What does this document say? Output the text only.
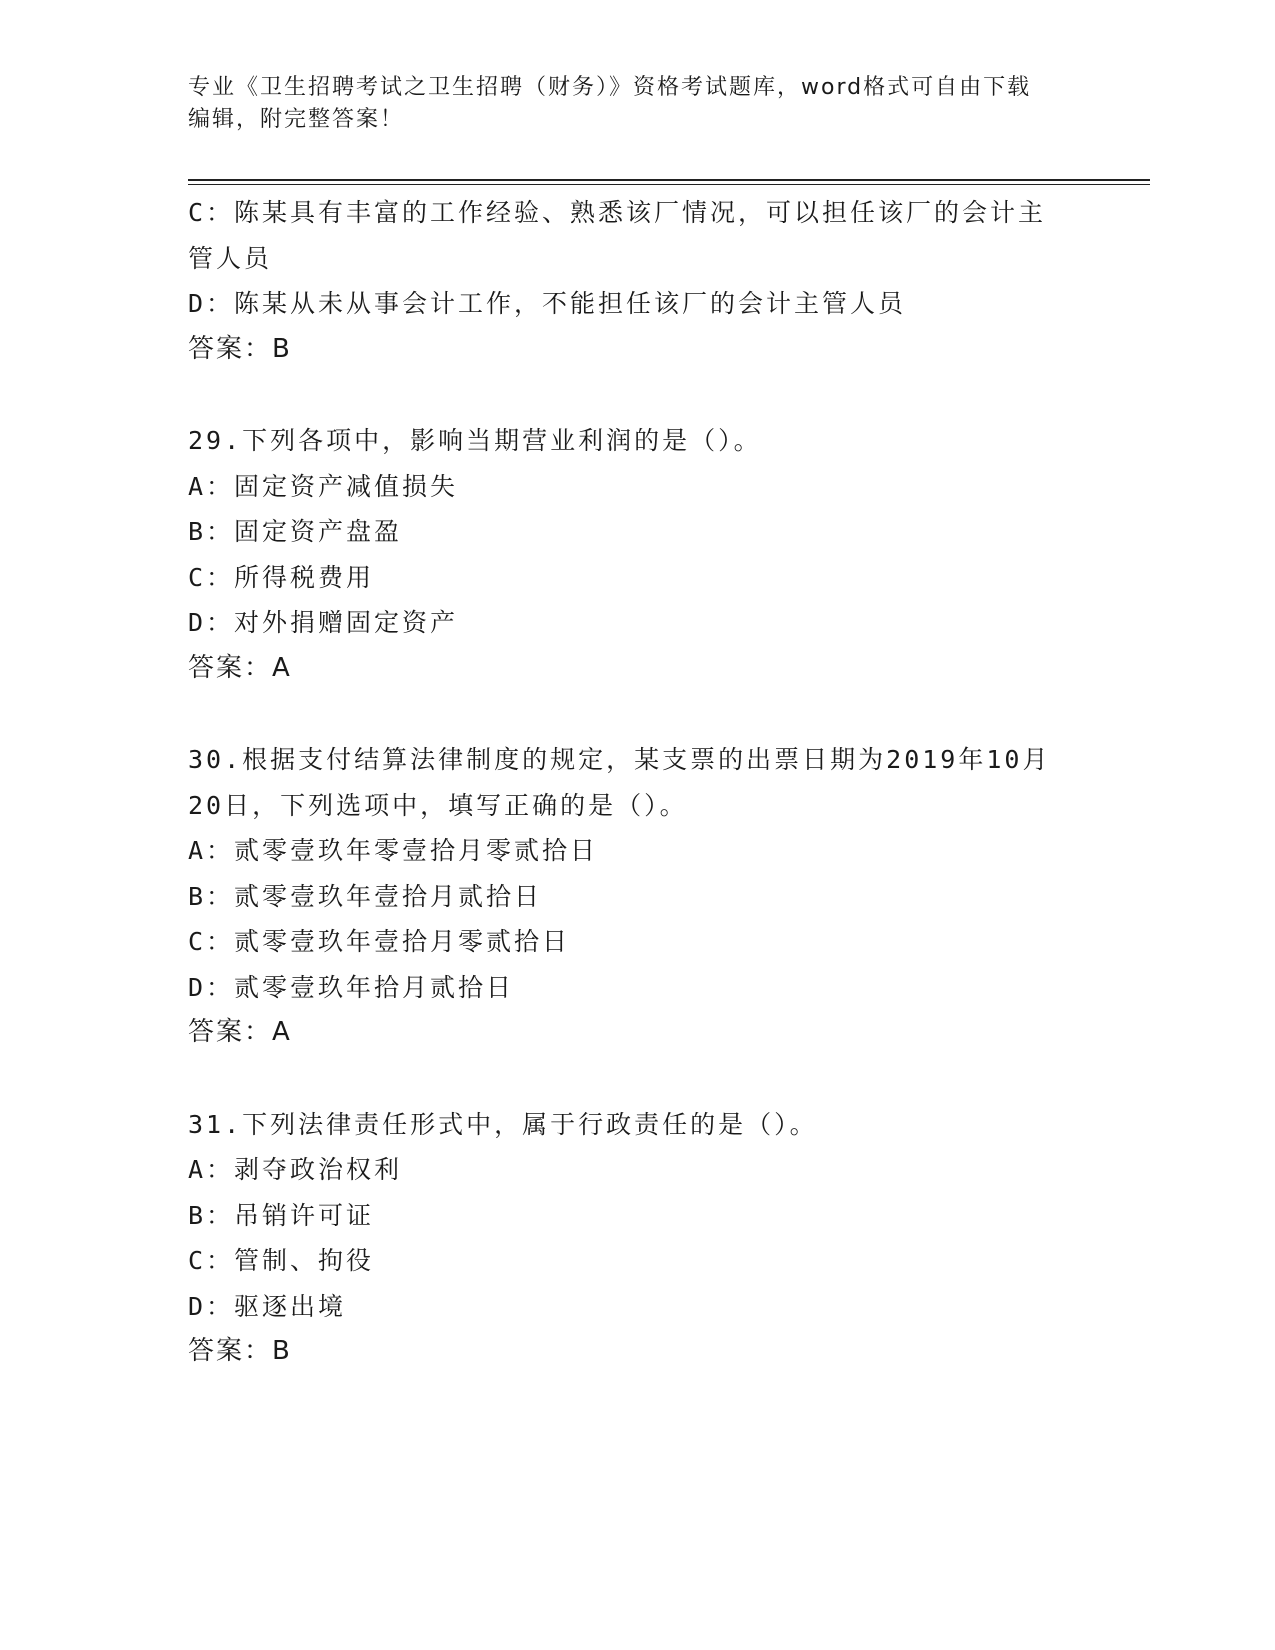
专业《卫生招聘考试之卫生招聘（财务）》资格考试题库，word格式可自由下载
编辑，附完整答案！
C：陈某具有丰富的工作经验、熟悉该厂情况，可以担任该厂的会计主
管人员
D：陈某从未从事会计工作，不能担任该厂的会计主管人员
答案：B
29.下列各项中，影响当期营业利润的是（）。
A：固定资产减值损失
B：固定资产盘盈
C：所得税费用
D：对外捐赠固定资产
答案：A
30.根据支付结算法律制度的规定，某支票的出票日期为2019年10月
20日，下列选项中，填写正确的是（）。
A：贰零壹玖年零壹拾月零贰拾日
B：贰零壹玖年壹拾月贰拾日
C：贰零壹玖年壹拾月零贰拾日
D：贰零壹玖年拾月贰拾日
答案：A
31.下列法律责任形式中，属于行政责任的是（）。
A：剥夺政治权利
B：吊销许可证
C：管制、拘役
D：驱逐出境
答案：B
